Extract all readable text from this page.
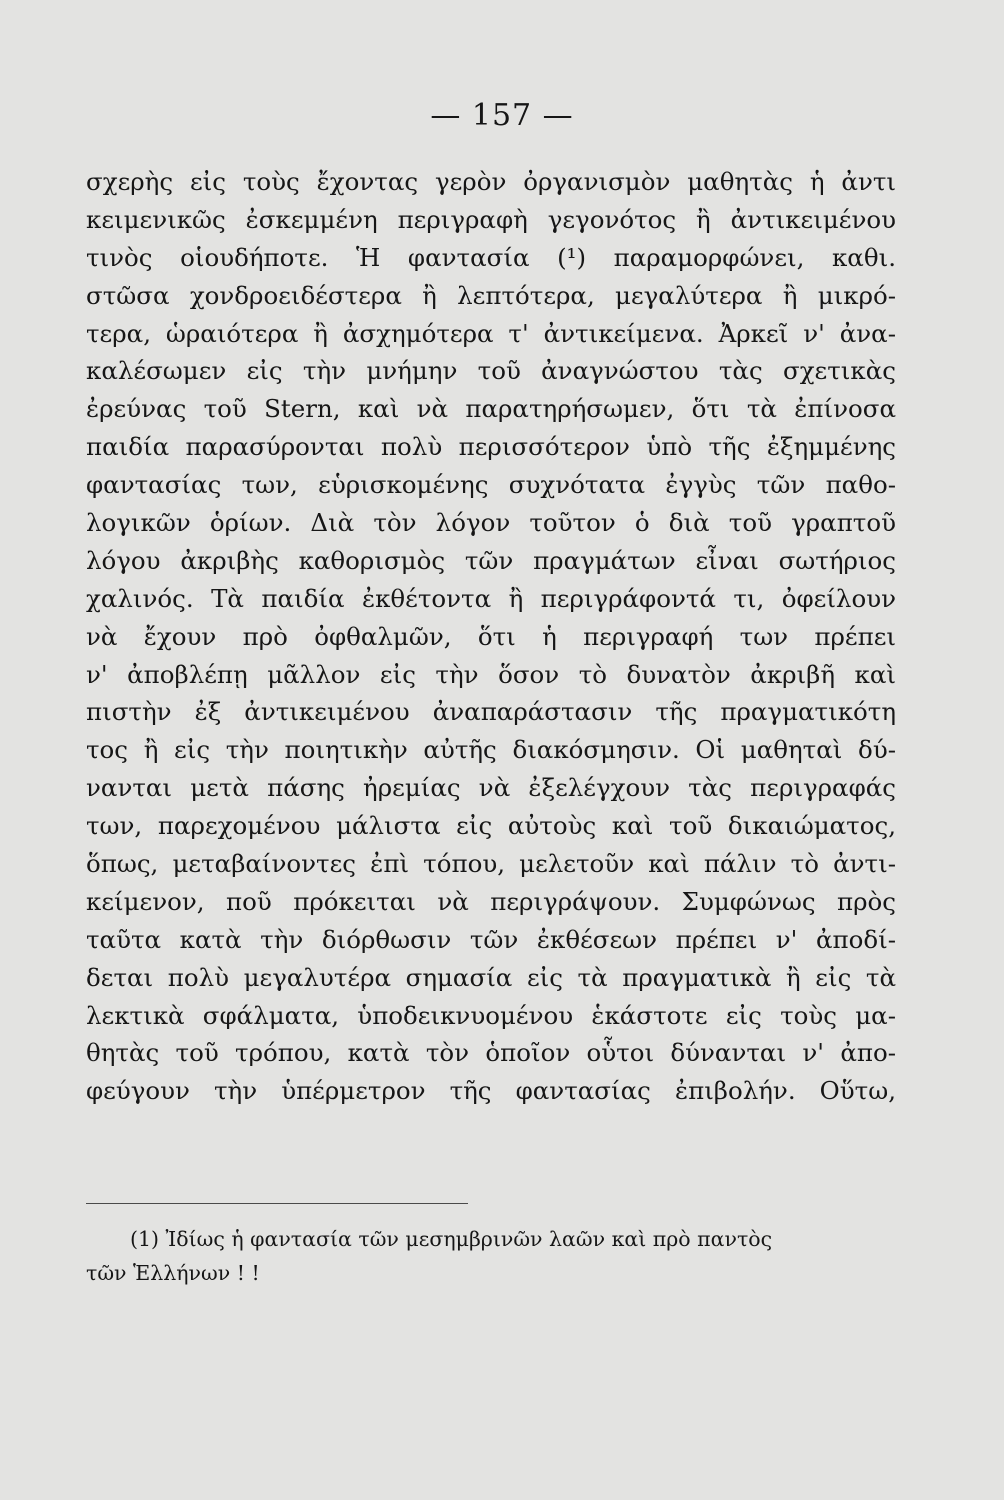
— 157 —
σχερὴς εἰς τοὺς ἔχοντας γερὸν ὀργανισμὸν μαθητὰς ἡ ἀντι
κειμενικῶς ἐσκεμμένη περιγραφὴ γεγονότος ἢ ἀντικειμένου
τινὸς οἱουδήποτε. Ἡ φαντασία (¹) παραμορφώνει, καθι.
στῶσα χονδροειδέστερα ἢ λεπτότερα, μεγαλύτερα ἢ μικρό-
τερα, ὡραιότερα ἢ ἀσχημότερα τ' ἀντικείμενα. Ἀρκεῖ ν' ἀνα-
καλέσωμεν εἰς τὴν μνήμην τοῦ ἀναγνώστου τὰς σχετικὰς
ἐρεύνας τοῦ Stern, καὶ νὰ παρατηρήσωμεν, ὅτι τὰ ἐπίνοσα
παιδία παρασύρονται πολὺ περισσότερον ὑπὸ τῆς ἐξημμένης
φαντασίας των, εὑρισκομένης συχνότατα ἐγγὺς τῶν παθο-
λογικῶν ὁρίων. Διὰ τὸν λόγον τοῦτον ὁ διὰ τοῦ γραπτοῦ
λόγου ἀκριβὴς καθορισμὸς τῶν πραγμάτων εἶναι σωτήριος
χαλινός. Τὰ παιδία ἐκθέτοντα ἢ περιγράφοντά τι, ὀφείλουν
νὰ ἔχουν πρὸ ὀφθαλμῶν, ὅτι ἡ περιγραφή των πρέπει
ν' ἀποβλέπῃ μᾶλλον εἰς τὴν ὅσον τὸ δυνατὸν ἀκριβῆ καὶ
πιστὴν ἐξ ἀντικειμένου ἀναπαράστασιν τῆς πραγματικότη
τος ἢ εἰς τὴν ποιητικὴν αὐτῆς διακόσμησιν. Οἱ μαθηταὶ δύ-
νανται μετὰ πάσης ἠρεμίας νὰ ἐξελέγχουν τὰς περιγραφάς
των, παρεχομένου μάλιστα εἰς αὐτοὺς καὶ τοῦ δικαιώματος,
ὅπως, μεταβαίνοντες ἐπὶ τόπου, μελετοῦν καὶ πάλιν τὸ ἀντι-
κείμενον, ποῦ πρόκειται νὰ περιγράψουν. Συμφώνως πρὸς
ταῦτα κατὰ τὴν διόρθωσιν τῶν ἐκθέσεων πρέπει ν' ἀποδί-
δεται πολὺ μεγαλυτέρα σημασία εἰς τὰ πραγματικὰ ἢ εἰς τὰ
λεκτικὰ σφάλματα, ὑποδεικνυομένου ἑκάστοτε εἰς τοὺς μα-
θητὰς τοῦ τρόπου, κατὰ τὸν ὁποῖον οὗτοι δύνανται ν' ἀπο-
φεύγουν τὴν ὑπέρμετρον τῆς φαντασίας ἐπιβολήν. Οὕτω,
(1) Ἰδίως ἡ φαντασία τῶν μεσημβρινῶν λαῶν καὶ πρὸ παντὸς
τῶν Ἑλλήνων ! !
